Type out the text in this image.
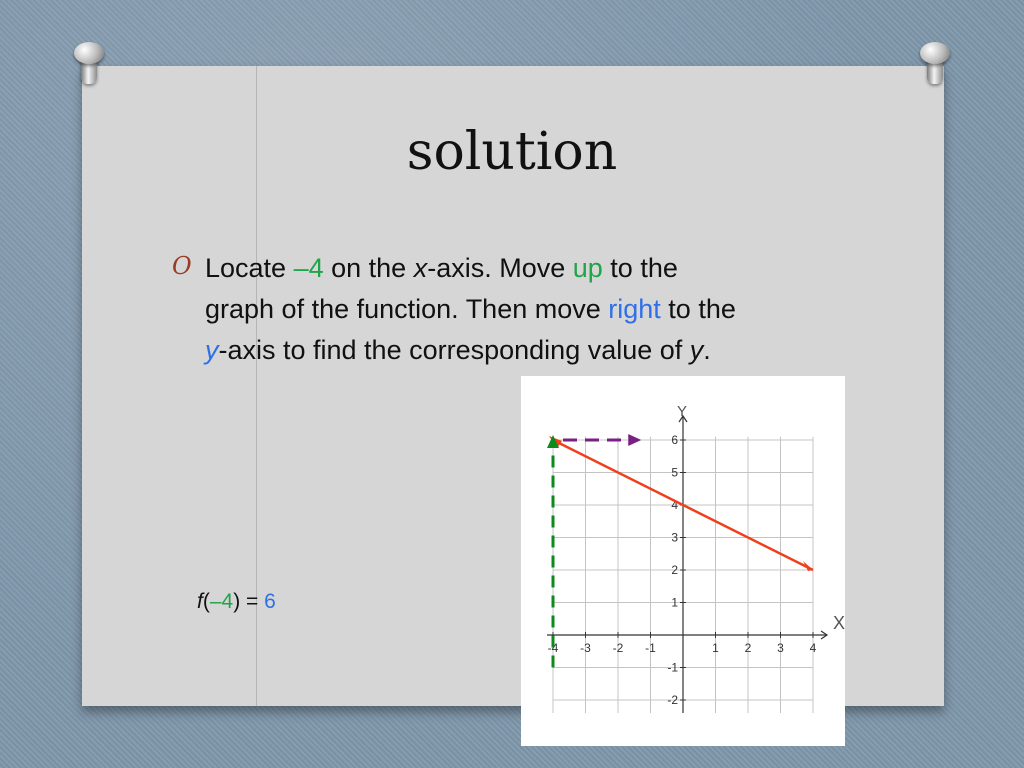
solution
O Locate –4 on the x-axis. Move up to the
graph of the function. Then move right to the
y-axis to find the corresponding value of y.
f(–4) = 6
X
Y
-4 -3 -2 -1	1 2 3 4
-2
-1
1
2
3
4
5
6
